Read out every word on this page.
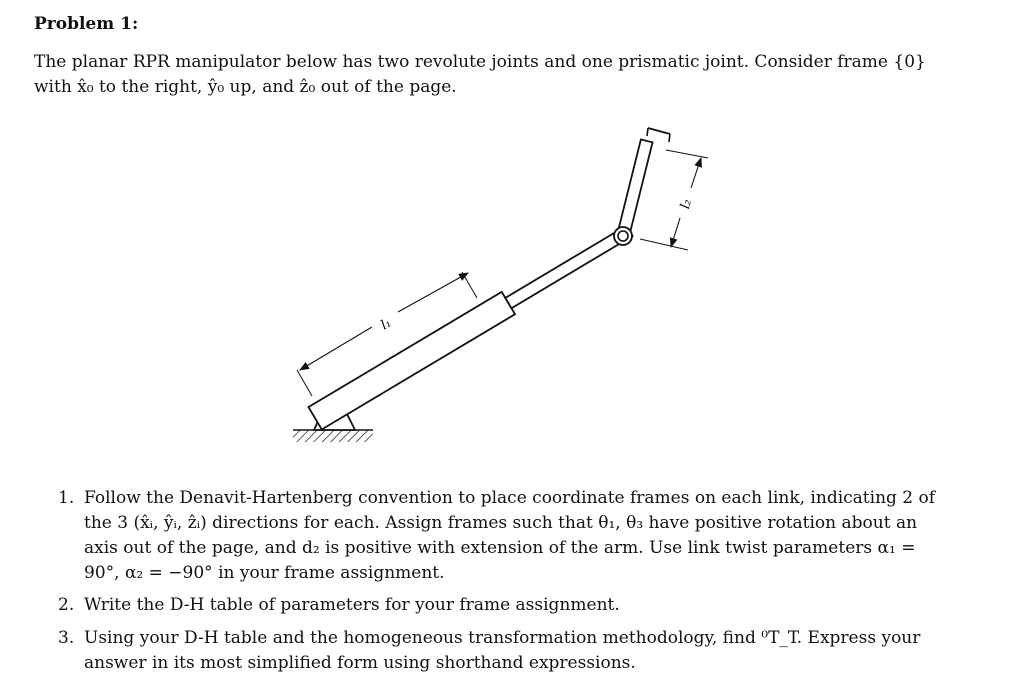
Problem 1:

The planar RPR manipulator below has two revolute joints and one prismatic joint. Consider frame {0} with x̂₀ to the right, ŷ₀ up, and ẑ₀ out of the page.

l₁
l₂
1. Follow the Denavit-Hartenberg convention to place coordinate frames on each link, indicating 2 of the 3 (x̂ᵢ, ŷᵢ, ẑᵢ) directions for each. Assign frames such that θ₁, θ₃ have positive rotation about an axis out of the page, and d₂ is positive with extension of the arm. Use link twist parameters α₁ = 90°, α₂ = −90° in your frame assignment.
2. Write the D-H table of parameters for your frame assignment.
3. Using your D-H table and the homogeneous transformation methodology, find ⁰T_T. Express your answer in its most simplified form using shorthand expressions.
